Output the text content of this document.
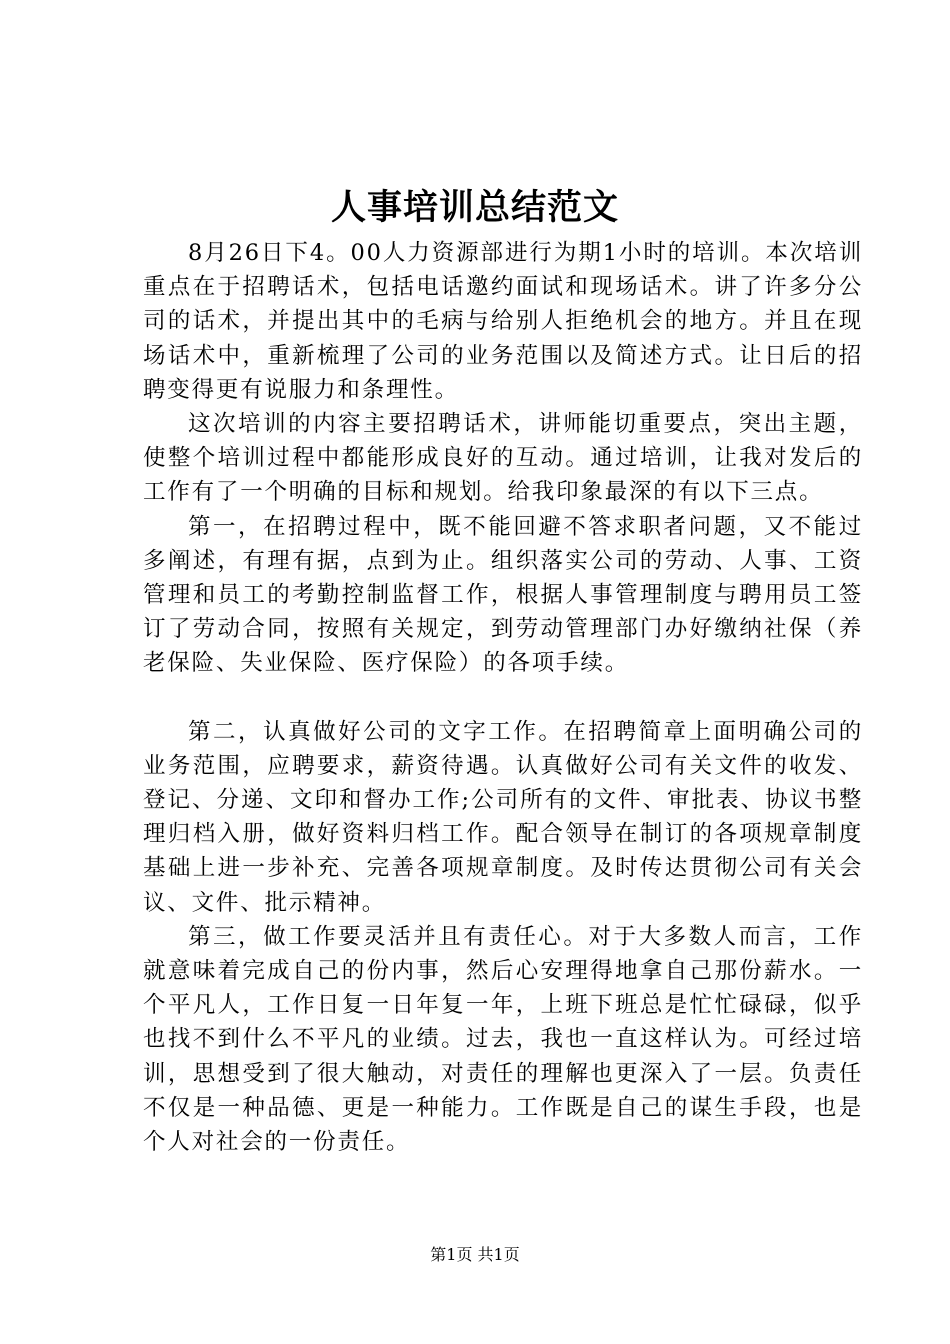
人事培训总结范文

8月26日下4。00人力资源部进行为期1小时的培训。本次培训重点在于招聘话术，包括电话邀约面试和现场话术。讲了许多分公司的话术，并提出其中的毛病与给别人拒绝机会的地方。并且在现场话术中，重新梳理了公司的业务范围以及简述方式。让日后的招聘变得更有说服力和条理性。

这次培训的内容主要招聘话术，讲师能切重要点，突出主题，使整个培训过程中都能形成良好的互动。通过培训，让我对发后的工作有了一个明确的目标和规划。给我印象最深的有以下三点。

第一，在招聘过程中，既不能回避不答求职者问题，又不能过多阐述，有理有据，点到为止。组织落实公司的劳动、人事、工资管理和员工的考勤控制监督工作，根据人事管理制度与聘用员工签订了劳动合同，按照有关规定，到劳动管理部门办好缴纳社保（养老保险、失业保险、医疗保险）的各项手续。

第二，认真做好公司的文字工作。在招聘简章上面明确公司的业务范围，应聘要求，薪资待遇。认真做好公司有关文件的收发、登记、分递、文印和督办工作;公司所有的文件、审批表、协议书整理归档入册，做好资料归档工作。配合领导在制订的各项规章制度基础上进一步补充、完善各项规章制度。及时传达贯彻公司有关会议、文件、批示精神。

第三，做工作要灵活并且有责任心。对于大多数人而言，工作就意味着完成自己的份内事，然后心安理得地拿自己那份薪水。一个平凡人，工作日复一日年复一年，上班下班总是忙忙碌碌，似乎也找不到什么不平凡的业绩。过去，我也一直这样认为。可经过培训，思想受到了很大触动，对责任的理解也更深入了一层。负责任不仅是一种品德、更是一种能力。工作既是自己的谋生手段，也是个人对社会的一份责任。

第1页 共1页
